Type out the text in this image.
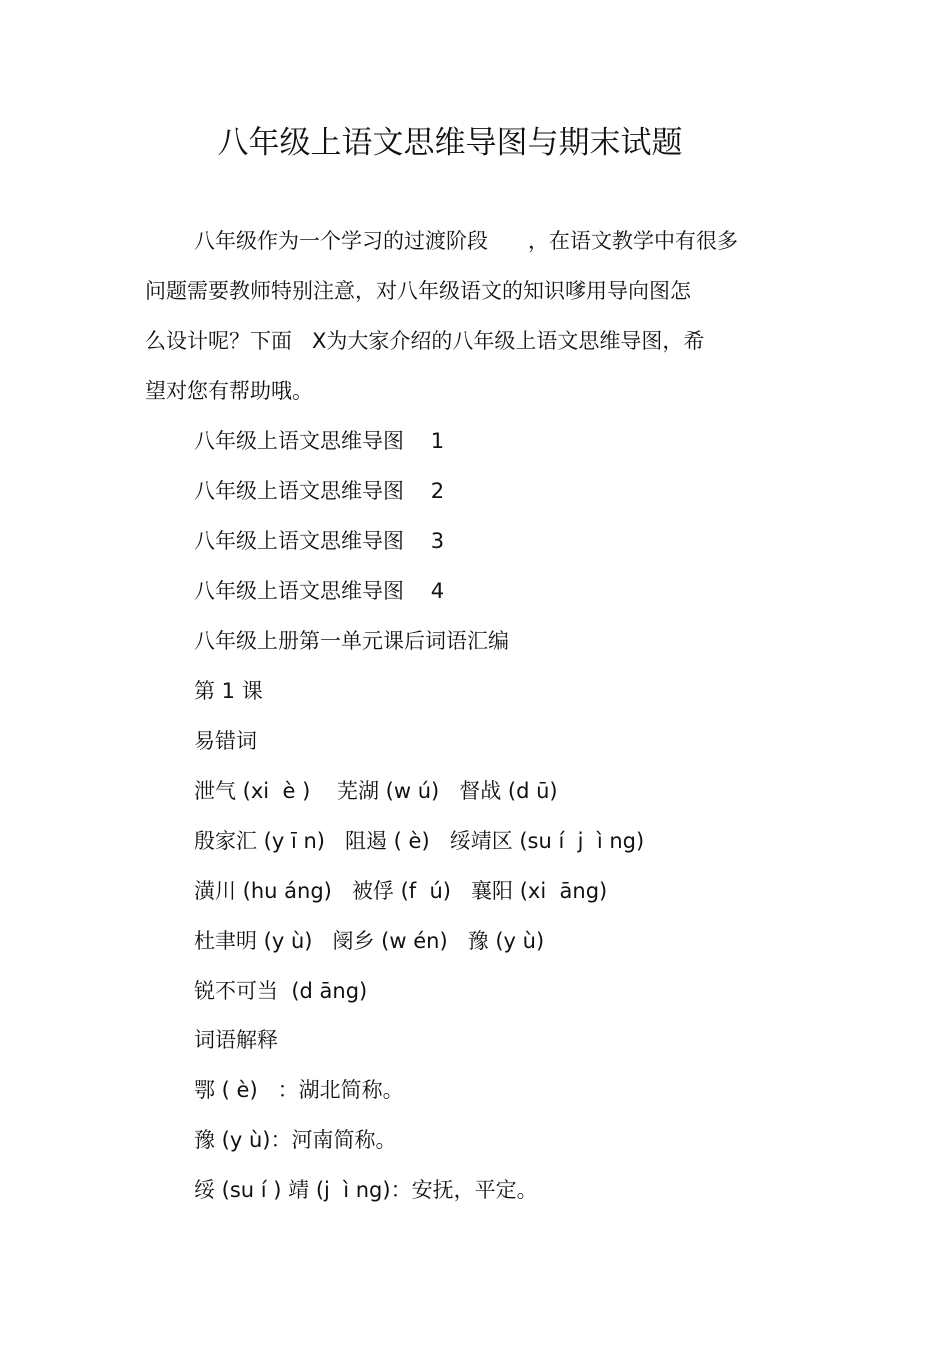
八年级上语文思维导图与期末试题
八年级作为一个学习的过渡阶段      ，在语文教学中有很多
问题需要教师特别注意，对八年级语文的知识嗲用导向图怎
么设计呢？下面   X为大家介绍的八年级上语文思维导图，希
望对您有帮助哦。
八年级上语文思维导图    1
八年级上语文思维导图    2
八年级上语文思维导图    3
八年级上语文思维导图    4
八年级上册第一单元课后词语汇编
第 1 课
易错词
泄气 (xi  è )    芜湖 (w ú)   督战 (d ū)
殷家汇 (y ī n)   阻遏 ( è)   绥靖区 (su í  j  ì ng)
潢川 (hu áng)   被俘 (f  ú)   襄阳 (xi  āng)
杜聿明 (y ù)   阌乡 (w én)   豫 (y ù)
锐不可当  (d āng)
词语解释
鄂 ( è)   ：湖北简称。
豫 (y ù)：河南简称。
绥 (su í ) 靖 (j  ì ng)：安抚，平定。
